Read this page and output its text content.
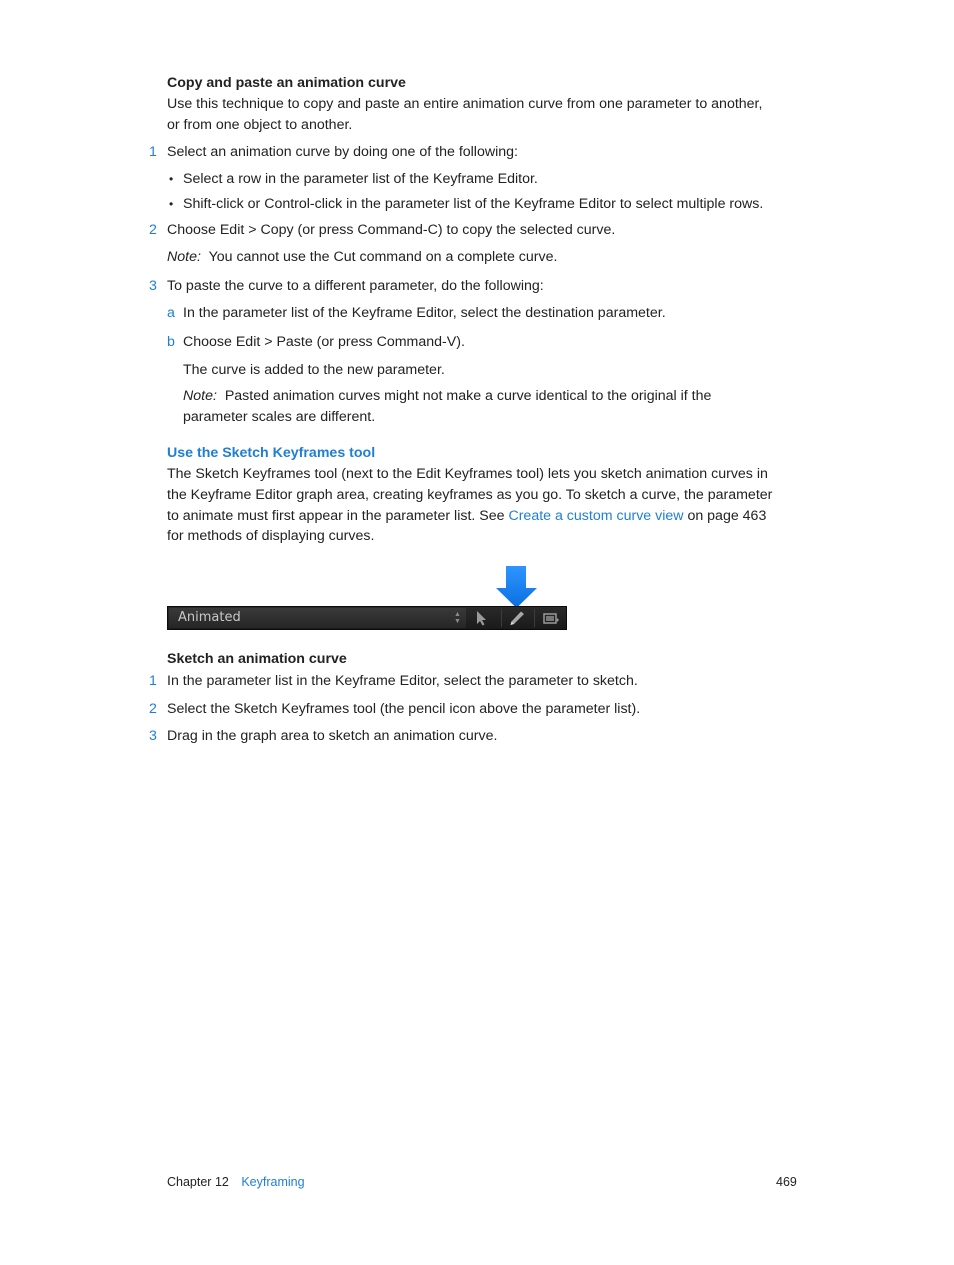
Copy and paste an animation curve
Use this technique to copy and paste an entire animation curve from one parameter to another,
or from one object to another.
1 Select an animation curve by doing one of the following:
• Select a row in the parameter list of the Keyframe Editor.
• Shift-click or Control-click in the parameter list of the Keyframe Editor to select multiple rows.
2 Choose Edit > Copy (or press Command-C) to copy the selected curve.
Note: You cannot use the Cut command on a complete curve.
3 To paste the curve to a different parameter, do the following:
a In the parameter list of the Keyframe Editor, select the destination parameter.
b Choose Edit > Paste (or press Command-V).
The curve is added to the new parameter.
Note: Pasted animation curves might not make a curve identical to the original if the
parameter scales are different.
Use the Sketch Keyframes tool
The Sketch Keyframes tool (next to the Edit Keyframes tool) lets you sketch animation curves in
the Keyframe Editor graph area, creating keyframes as you go. To sketch a curve, the parameter
to animate must first appear in the parameter list. See Create a custom curve view on page 463
for methods of displaying curves.
Animated	▲
▼
Sketch an animation curve
1 In the parameter list in the Keyframe Editor, select the parameter to sketch.
2 Select the Sketch Keyframes tool (the pencil icon above the parameter list).
3 Drag in the graph area to sketch an animation curve.
Chapter 12 Keyframing	469
